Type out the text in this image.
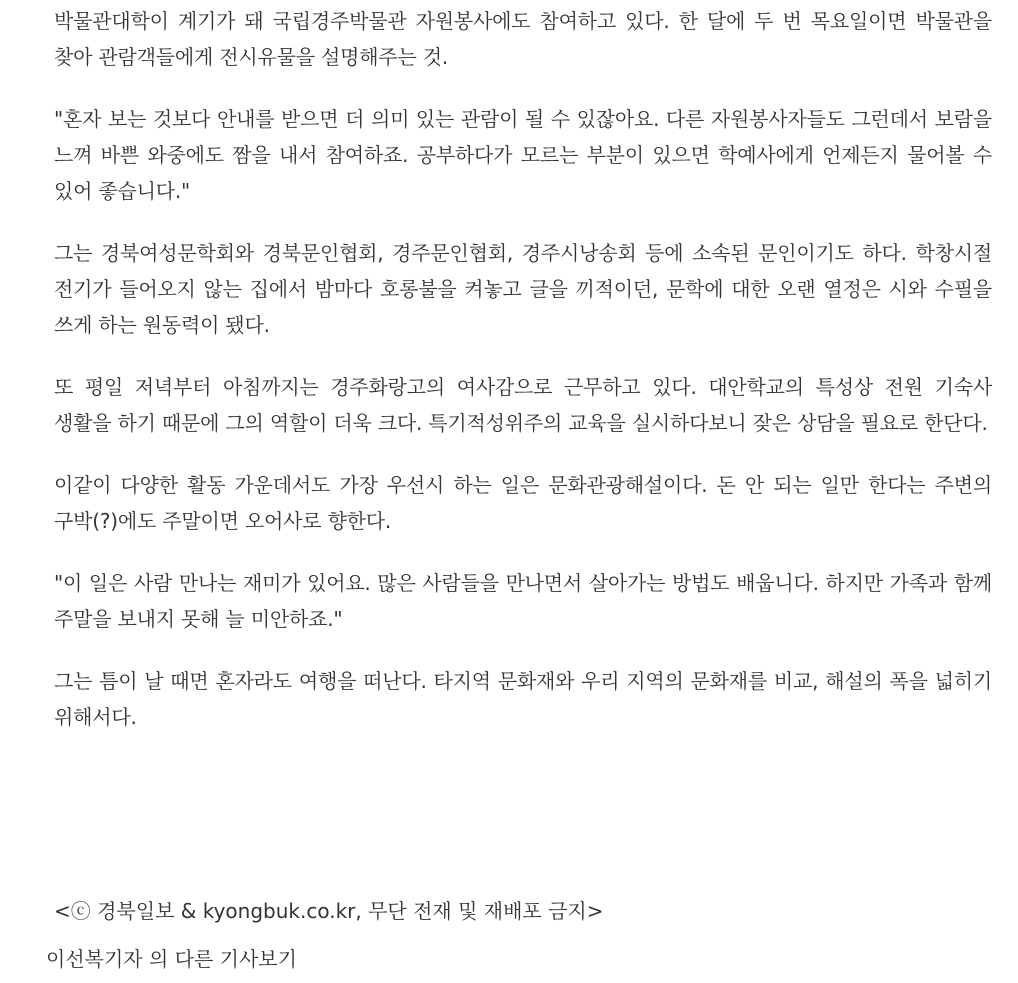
박물관대학이 계기가 돼 국립경주박물관 자원봉사에도 참여하고 있다. 한 달에 두 번 목요일이면 박물관을 찾아 관람객들에게 전시유물을 설명해주는 것.

"혼자 보는 것보다 안내를 받으면 더 의미 있는 관람이 될 수 있잖아요. 다른 자원봉사자들도 그런데서 보람을 느껴 바쁜 와중에도 짬을 내서 참여하죠. 공부하다가 모르는 부분이 있으면 학예사에게 언제든지 물어볼 수 있어 좋습니다."

그는 경북여성문학회와 경북문인협회, 경주문인협회, 경주시낭송회 등에 소속된 문인이기도 하다. 학창시절 전기가 들어오지 않는 집에서 밤마다 호롱불을 켜놓고 글을 끼적이던, 문학에 대한 오랜 열정은 시와 수필을 쓰게 하는 원동력이 됐다.

또 평일 저녁부터 아침까지는 경주화랑고의 여사감으로 근무하고 있다. 대안학교의 특성상 전원 기숙사 생활을 하기 때문에 그의 역할이 더욱 크다. 특기적성위주의 교육을 실시하다보니 잦은 상담을 필요로 한단다.

이같이 다양한 활동 가운데서도 가장 우선시 하는 일은 문화관광해설이다. 돈 안 되는 일만 한다는 주변의 구박(?)에도 주말이면 오어사로 향한다.

"이 일은 사람 만나는 재미가 있어요. 많은 사람들을 만나면서 살아가는 방법도 배웁니다. 하지만 가족과 함께 주말을 보내지 못해 늘 미안하죠."

그는 틈이 날 때면 혼자라도 여행을 떠난다. 타지역 문화재와 우리 지역의 문화재를 비교, 해설의 폭을 넓히기 위해서다.

<ⓒ 경북일보 & kyongbuk.co.kr, 무단 전재 및 재배포 금지>
이선복기자 의 다른 기사보기
